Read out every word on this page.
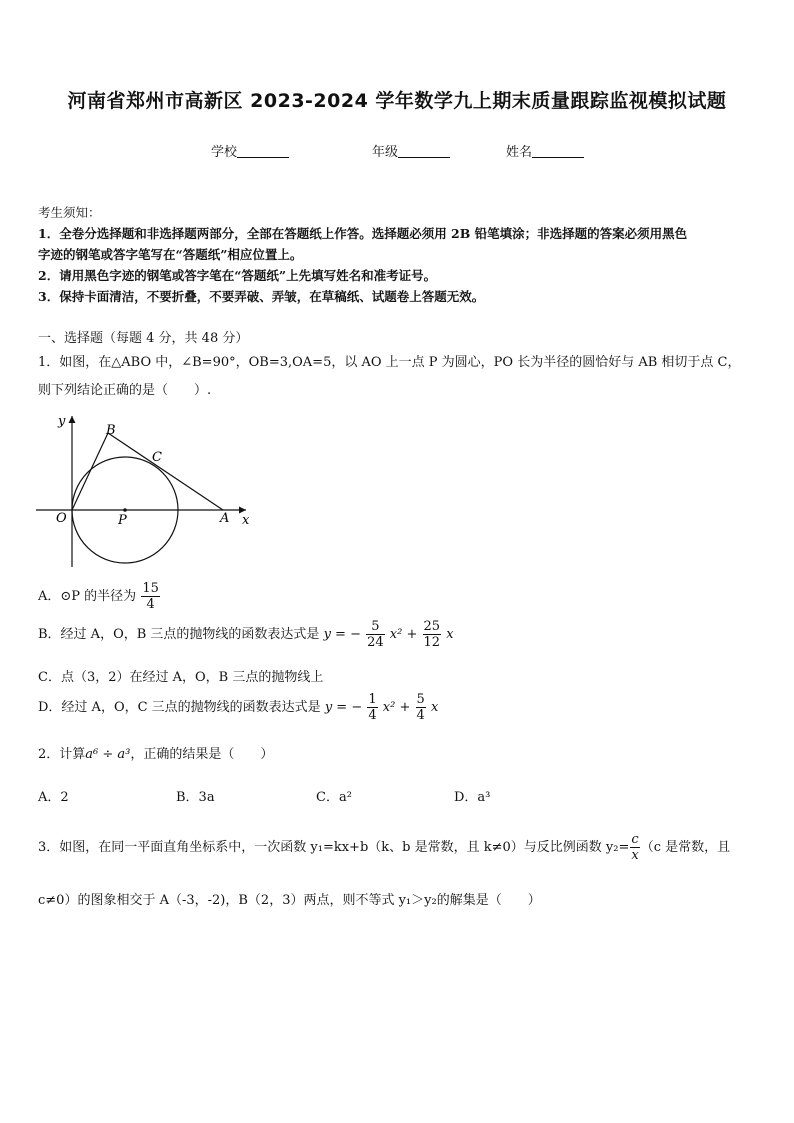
河南省郑州市高新区 2023-2024 学年数学九上期末质量跟踪监视模拟试题
学校	年级	姓名
考生须知：
1．全卷分选择题和非选择题两部分，全部在答题纸上作答。选择题必须用 2B 铅笔填涂；非选择题的答案必须用黑色
字迹的钢笔或答字笔写在“答题纸”相应位置上。
2．请用黑色字迹的钢笔或答字笔在“答题纸”上先填写姓名和准考证号。
3．保持卡面清洁，不要折叠，不要弄破、弄皱，在草稿纸、试题卷上答题无效。
一、选择题（每题 4 分，共 48 分）
1．如图，在△ABO 中，∠B=90°，OB=3,OA=5，以 AO 上一点 P 为圆心，PO 长为半径的圆恰好与 AB 相切于点 C，
则下列结论正确的是（　　）.
y
B
C
O	P	A x
A．⊙P 的半径为 $\frac{15}{4}$
B．经过 A，O，B 三点的抛物线的函数表达式是 y = − $\frac{5}{24} x^2 + \frac{25}{12}$ x
C．点（3，2）在经过 A，O，B 三点的抛物线上
D．经过 A，O，C 三点的抛物线的函数表达式是 y = − $\frac{1}{4} x^2 + \frac{5}{4}$ x
2．计算a⁶ ÷ a³，正确的结果是（　　）
A．2	B．3a	C．a²	D．a³
3．如图，在同一平面直角坐标系中，一次函数 y₁=kx+b（k、b 是常数，且 k≠0）与反比例函数 $y_2= \frac{c}{x} (c$ 是常数，且
c≠0）的图象相交于 A（-3，-2)，B（2，3）两点，则不等式 y₁＞y₂的解集是（　　）
